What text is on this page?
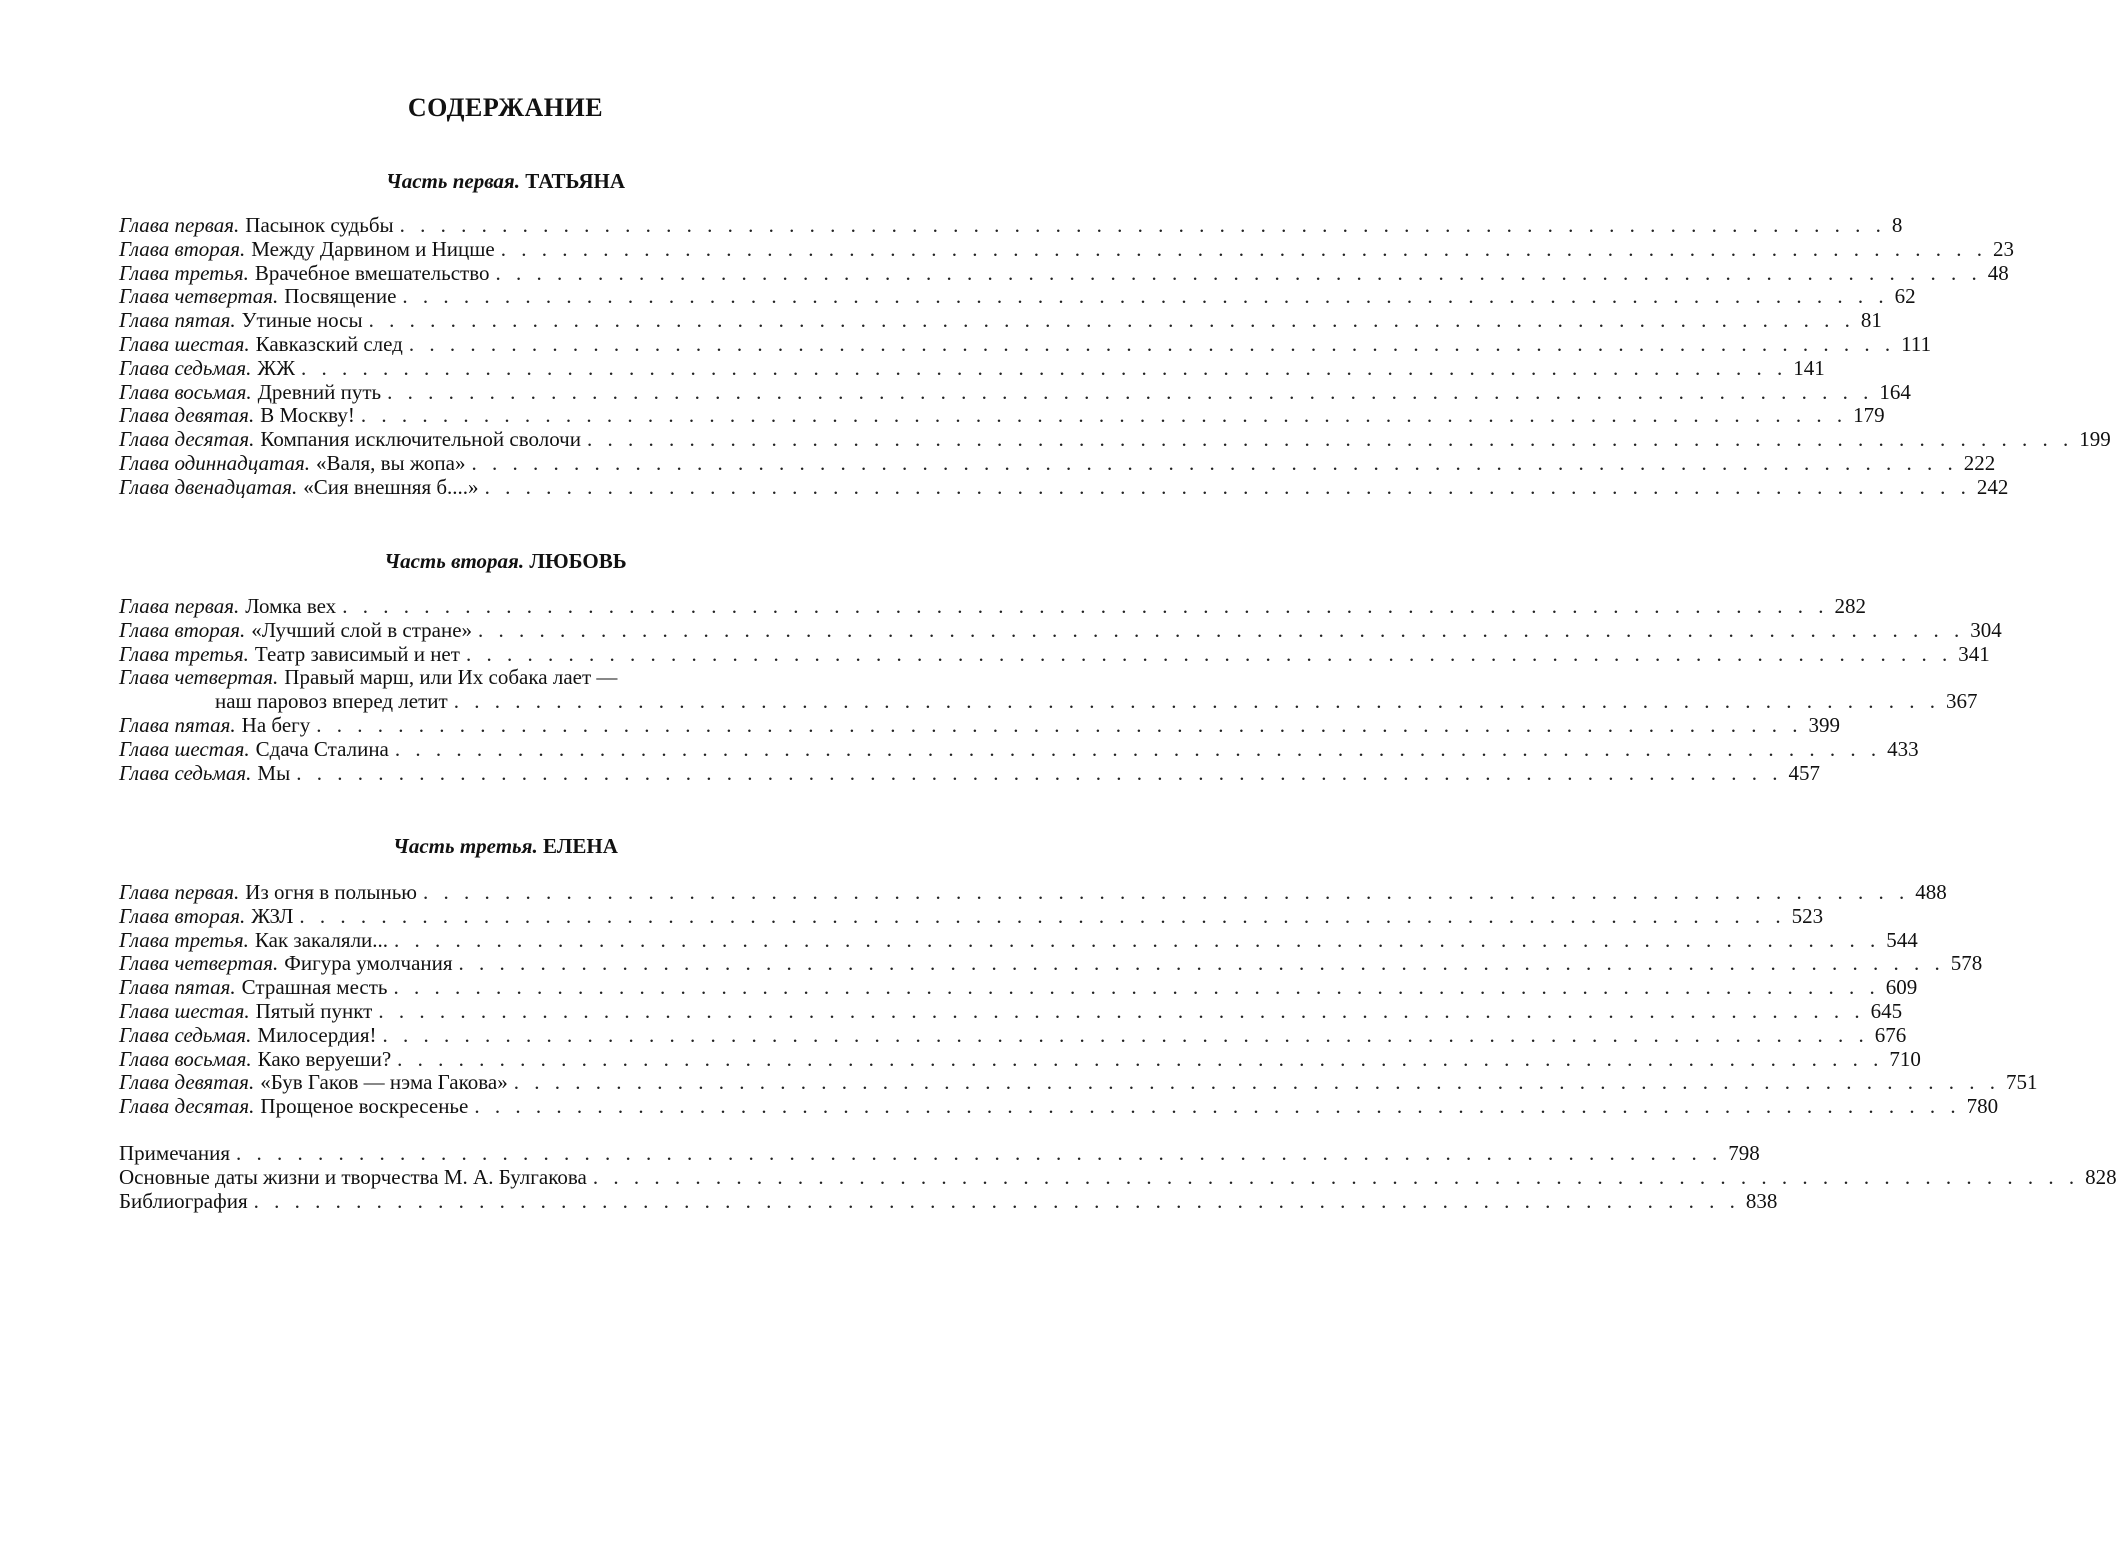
СОДЕРЖАНИЕ
Часть первая. ТАТЬЯНА
Глава первая. Пасынок судьбы . . . . . . . . . . . . . . . . . . . . . . . . . . . . . . . . . . . . . . . . . . . . . . . . . . . . . . . . . . . . . . . . . . . . . . . . . 8
Глава вторая. Между Дарвином и Ницше . . . . . . . . . . . . . . . . . . . . . . . . . . . . . . . . . . . . . . . . . . . . . . . . . . . . . . . . . . . . . . . . . . . . . . . . . 23
Глава третья. Врачебное вмешательство . . . . . . . . . . . . . . . . . . . . . . . . . . . . . . . . . . . . . . . . . . . . . . . . . . . . . . . . . . . . . . . . . . . . . . . . . 48
Глава четвертая. Посвящение . . . . . . . . . . . . . . . . . . . . . . . . . . . . . . . . . . . . . . . . . . . . . . . . . . . . . . . . . . . . . . . . . . . . . . . . . 62
Глава пятая. Утиные носы . . . . . . . . . . . . . . . . . . . . . . . . . . . . . . . . . . . . . . . . . . . . . . . . . . . . . . . . . . . . . . . . . . . . . . . . . 81
Глава шестая. Кавказский след . . . . . . . . . . . . . . . . . . . . . . . . . . . . . . . . . . . . . . . . . . . . . . . . . . . . . . . . . . . . . . . . . . . . . . . . . 111
Глава седьмая. ЖЖ . . . . . . . . . . . . . . . . . . . . . . . . . . . . . . . . . . . . . . . . . . . . . . . . . . . . . . . . . . . . . . . . . . . . . . . . . 141
Глава восьмая. Древний путь . . . . . . . . . . . . . . . . . . . . . . . . . . . . . . . . . . . . . . . . . . . . . . . . . . . . . . . . . . . . . . . . . . . . . . . . . 164
Глава девятая. В Москву! . . . . . . . . . . . . . . . . . . . . . . . . . . . . . . . . . . . . . . . . . . . . . . . . . . . . . . . . . . . . . . . . . . . . . . . . . 179
Глава десятая. Компания исключительной сволочи . . . . . . . . . . . . . . . . . . . . . . . . . . . . . . . . . . . . . . . . . . . . . . . . . . . . . . . . . . . . . . . . . . . . . . . . . 199
Глава одиннадцатая. «Валя, вы жопа» . . . . . . . . . . . . . . . . . . . . . . . . . . . . . . . . . . . . . . . . . . . . . . . . . . . . . . . . . . . . . . . . . . . . . . . . . 222
Глава двенадцатая. «Сия внешняя б....» . . . . . . . . . . . . . . . . . . . . . . . . . . . . . . . . . . . . . . . . . . . . . . . . . . . . . . . . . . . . . . . . . . . . . . . . . 242
Часть вторая. ЛЮБОВЬ
Глава первая. Ломка вех . . . . . . . . . . . . . . . . . . . . . . . . . . . . . . . . . . . . . . . . . . . . . . . . . . . . . . . . . . . . . . . . . . . . . . . . . 282
Глава вторая. «Лучший слой в стране» . . . . . . . . . . . . . . . . . . . . . . . . . . . . . . . . . . . . . . . . . . . . . . . . . . . . . . . . . . . . . . . . . . . . . . . . . 304
Глава третья. Театр зависимый и нет . . . . . . . . . . . . . . . . . . . . . . . . . . . . . . . . . . . . . . . . . . . . . . . . . . . . . . . . . . . . . . . . . . . . . . . . . 341
Глава четвертая. Правый марш, или Их собака лает —
наш паровоз вперед летит . . . . . . . . . . . . . . . . . . . . . . . . . . . . . . . . . . . . . . . . . . . . . . . . . . . . . . . . . . . . . . . . . . . . . . . . . 367
Глава пятая. На бегу . . . . . . . . . . . . . . . . . . . . . . . . . . . . . . . . . . . . . . . . . . . . . . . . . . . . . . . . . . . . . . . . . . . . . . . . . 399
Глава шестая. Сдача Сталина . . . . . . . . . . . . . . . . . . . . . . . . . . . . . . . . . . . . . . . . . . . . . . . . . . . . . . . . . . . . . . . . . . . . . . . . . 433
Глава седьмая. Мы . . . . . . . . . . . . . . . . . . . . . . . . . . . . . . . . . . . . . . . . . . . . . . . . . . . . . . . . . . . . . . . . . . . . . . . . . 457
Часть третья. ЕЛЕНА
Глава первая. Из огня в полынью . . . . . . . . . . . . . . . . . . . . . . . . . . . . . . . . . . . . . . . . . . . . . . . . . . . . . . . . . . . . . . . . . . . . . . . . . 488
Глава вторая. ЖЗЛ . . . . . . . . . . . . . . . . . . . . . . . . . . . . . . . . . . . . . . . . . . . . . . . . . . . . . . . . . . . . . . . . . . . . . . . . . 523
Глава третья. Как закаляли... . . . . . . . . . . . . . . . . . . . . . . . . . . . . . . . . . . . . . . . . . . . . . . . . . . . . . . . . . . . . . . . . . . . . . . . . . 544
Глава четвертая. Фигура умолчания . . . . . . . . . . . . . . . . . . . . . . . . . . . . . . . . . . . . . . . . . . . . . . . . . . . . . . . . . . . . . . . . . . . . . . . . . 578
Глава пятая. Страшная месть . . . . . . . . . . . . . . . . . . . . . . . . . . . . . . . . . . . . . . . . . . . . . . . . . . . . . . . . . . . . . . . . . . . . . . . . . 609
Глава шестая. Пятый пункт . . . . . . . . . . . . . . . . . . . . . . . . . . . . . . . . . . . . . . . . . . . . . . . . . . . . . . . . . . . . . . . . . . . . . . . . . 645
Глава седьмая. Милосердия! . . . . . . . . . . . . . . . . . . . . . . . . . . . . . . . . . . . . . . . . . . . . . . . . . . . . . . . . . . . . . . . . . . . . . . . . . 676
Глава восьмая. Како веруеши? . . . . . . . . . . . . . . . . . . . . . . . . . . . . . . . . . . . . . . . . . . . . . . . . . . . . . . . . . . . . . . . . . . . . . . . . . 710
Глава девятая. «Був Гаков — нэма Гакова» . . . . . . . . . . . . . . . . . . . . . . . . . . . . . . . . . . . . . . . . . . . . . . . . . . . . . . . . . . . . . . . . . . . . . . . . . 751
Глава десятая. Прощеное воскресенье . . . . . . . . . . . . . . . . . . . . . . . . . . . . . . . . . . . . . . . . . . . . . . . . . . . . . . . . . . . . . . . . . . . . . . . . . 780
Примечания . . . . . . . . . . . . . . . . . . . . . . . . . . . . . . . . . . . . . . . . . . . . . . . . . . . . . . . . . . . . . . . . . . . . . . . . . 798
Основные даты жизни и творчества М. А. Булгакова . . . . . . . . . . . . . . . . . . . . . . . . . . . . . . . . . . . . . . . . . . . . . . . . . . . . . . . . . . . . . . . . . . . . . . . . . 828
Библиография . . . . . . . . . . . . . . . . . . . . . . . . . . . . . . . . . . . . . . . . . . . . . . . . . . . . . . . . . . . . . . . . . . . . . . . . . 838
